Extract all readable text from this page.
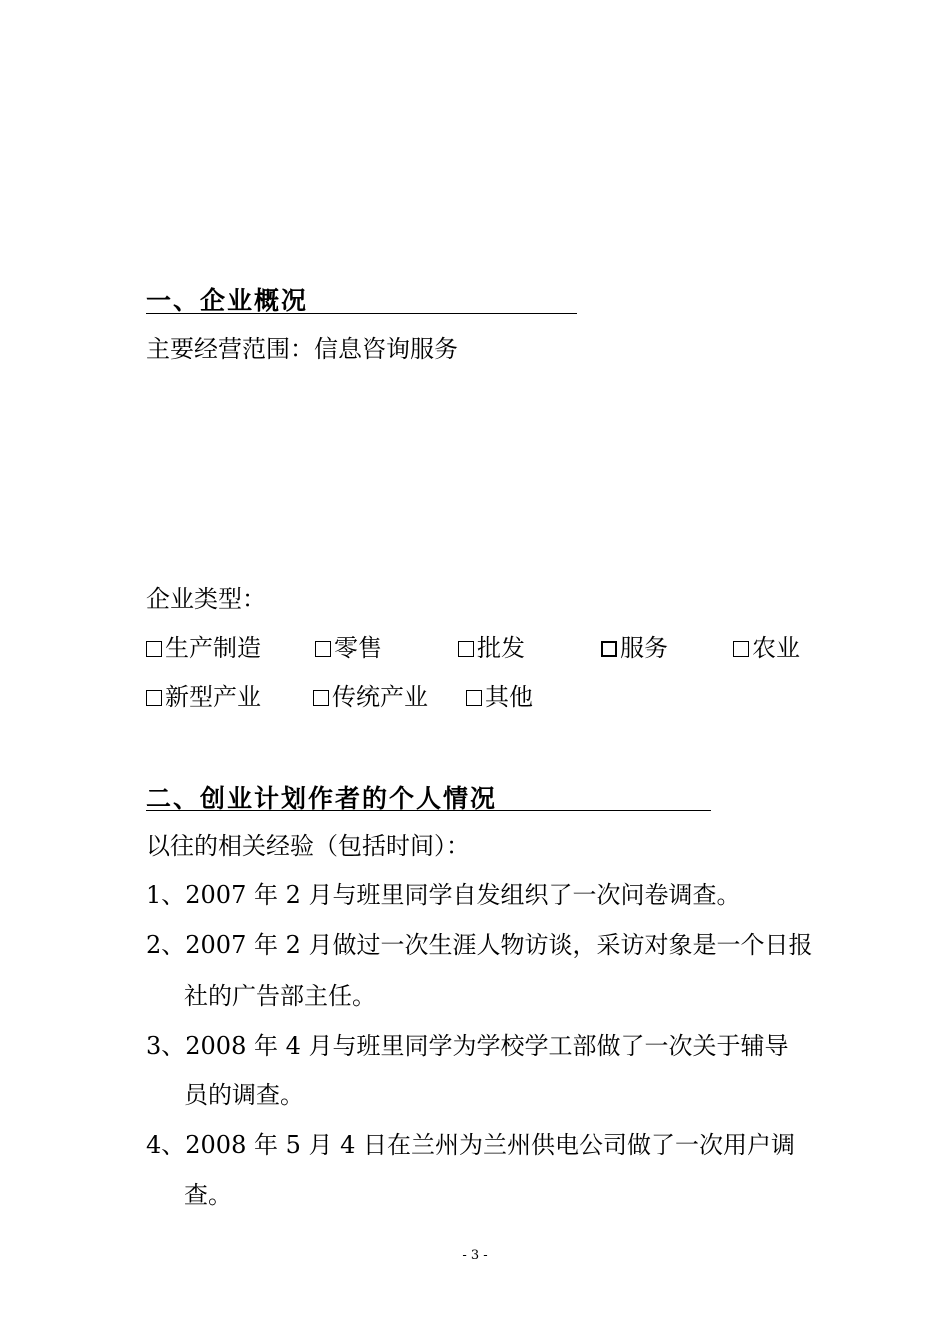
一、企业概况
主要经营范围：信息咨询服务
企业类型：
生产制造	零售	批发	服务	农业
新型产业	传统产业	其他
二、创业计划作者的个人情况
以往的相关经验（包括时间）：
1、2007 年 2 月与班里同学自发组织了一次问卷调查。
2、2007 年 2 月做过一次生涯人物访谈，采访对象是一个日报
社的广告部主任。
3、2008 年 4 月与班里同学为学校学工部做了一次关于辅导
员的调查。
4、2008 年 5 月 4 日在兰州为兰州供电公司做了一次用户调
查。
- 3 -
